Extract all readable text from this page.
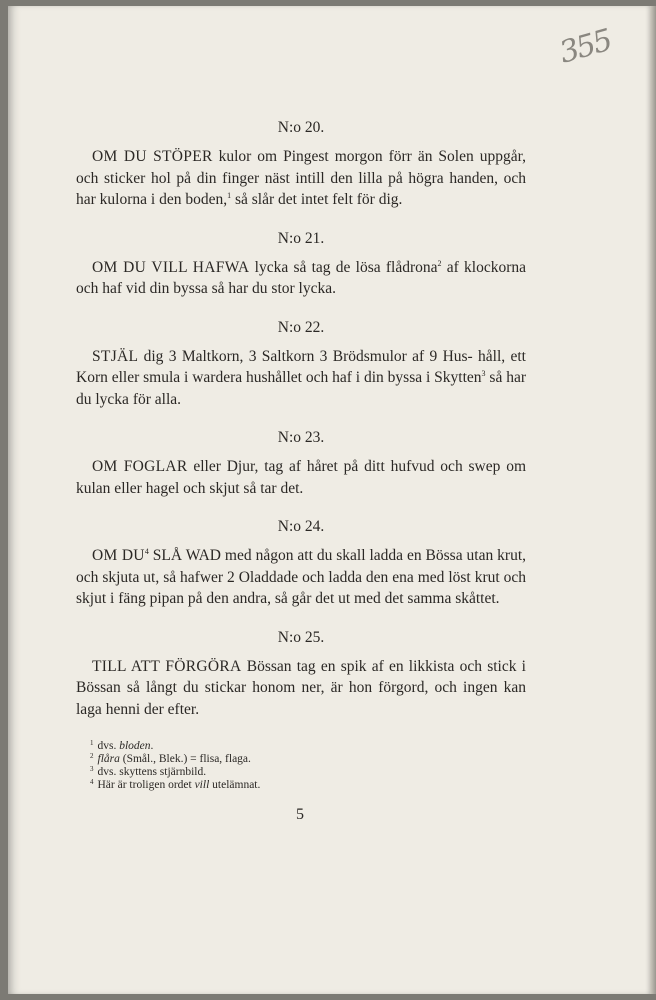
355

N:o 20.

OM DU STÖPER kulor om Pingest morgon förr än Solen uppgår, och sticker hol på din finger näst intill den lilla på högra handen, och har kulorna i den boden,$^1$ så slår det intet felt för dig.

N:o 21.

OM DU VILL HAFWA lycka så tag de lösa flådrona$^2$ af klockorna och haf vid din byssa så har du stor lycka.

N:o 22.

STJÄL dig 3 Maltkorn, 3 Saltkorn 3 Brödsmulor af 9 Hus- håll, ett Korn eller smula i wardera hushållet och haf i din byssa i Skytten$^3$ så har du lycka för alla.

N:o 23.

OM FOGLAR eller Djur, tag af håret på ditt hufvud och swep om kulan eller hagel och skjut så tar det.

N:o 24.

OM $DU^4$ SLÅ WAD med någon att du skall ladda en Bössa utan krut, och skjuta ut, så hafwer 2 Oladdade och ladda den ena med löst krut och skjut i fäng pipan på den andra, så går det ut med det samma skåttet.

N:o 25.

TILL ATT FÖRGÖRA Bössan tag en spik af en likkista och stick i Bössan så långt du stickar honom ner, är hon förgord, och ingen kan laga henni der efter.

$^1$ dvs. bloden.

$^2$ flåra (Smål., Blek.) = flisa, flaga.

$^3$ dvs. skyttens stjärnbild.

$^4$ Här är troligen ordet vill utelämnat.

5
